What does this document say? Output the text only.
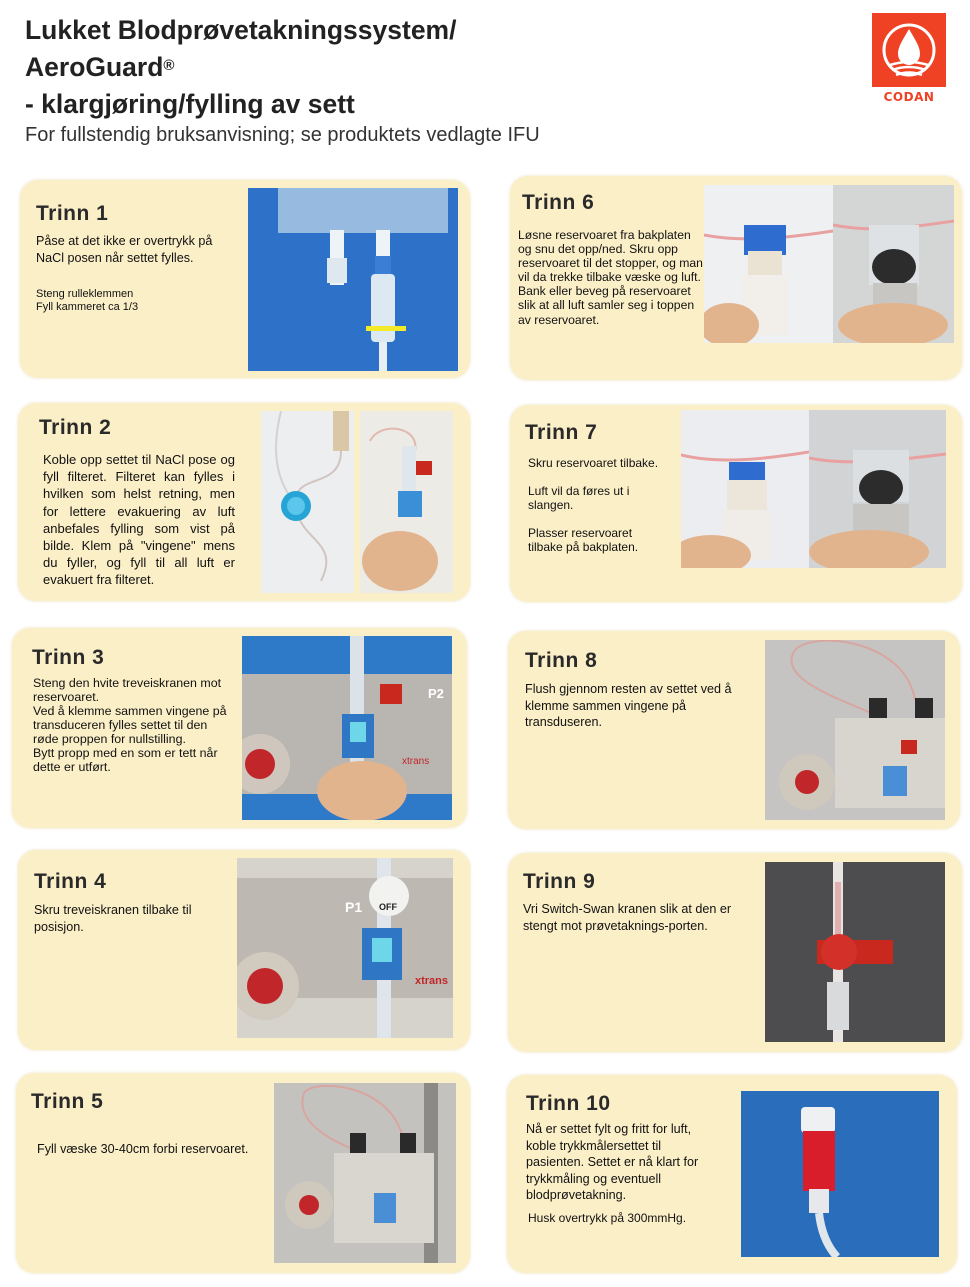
Lukket Blodprøvetakningssystem/
AeroGuard®
- klargjøring/fylling av sett
For fullstendig bruksanvisning; se produktets vedlagte IFU
CODAN
Trinn 1
Påse at det ikke er overtrykk på NaCl posen når settet fylles.
Steng rulleklemmen
Fyll kammeret ca 1/3
Trinn 2
Koble opp settet til NaCl pose og fyll filteret. Filteret kan fylles i hvilken som helst retning, men for lettere evakuering av luft anbefales fylling som vist på bilde. Klem på "vingene" mens du fyller, og fyll til all luft er evakuert fra filteret.
Trinn 3
Steng den hvite treveiskranen mot reservoaret.
Ved å klemme sammen vingene på transduceren fylles settet til den røde proppen for nullstilling.
Bytt propp med en som er tett når dette er utført.
P2
xtrans
Trinn 4
Skru treveiskranen tilbake til posisjon.
P1 OFF
xtrans
Trinn 5
Fyll væske 30-40cm forbi reservoaret.
Trinn 6
Løsne reservoaret fra bakplaten og snu det opp/ned. Skru opp reservoaret til det stopper, og man vil da trekke tilbake væske og luft.
Bank eller beveg på reservoaret slik at all luft samler seg i toppen av reservoaret.
Trinn 7
Skru reservoaret tilbake.
Luft vil da føres ut i slangen.
Plasser reservoaret tilbake på bakplaten.
Trinn 8
Flush gjennom resten av settet ved å klemme sammen vingene på transduseren.
Trinn 9
Vri Switch-Swan kranen slik at den er stengt mot prøvetaknings-porten.
Trinn 10
Nå er settet fylt og fritt for luft, koble trykkmålersettet til pasienten. Settet er nå klart for trykkmåling og eventuell blodprøvetakning.
Husk overtrykk på 300mmHg.
